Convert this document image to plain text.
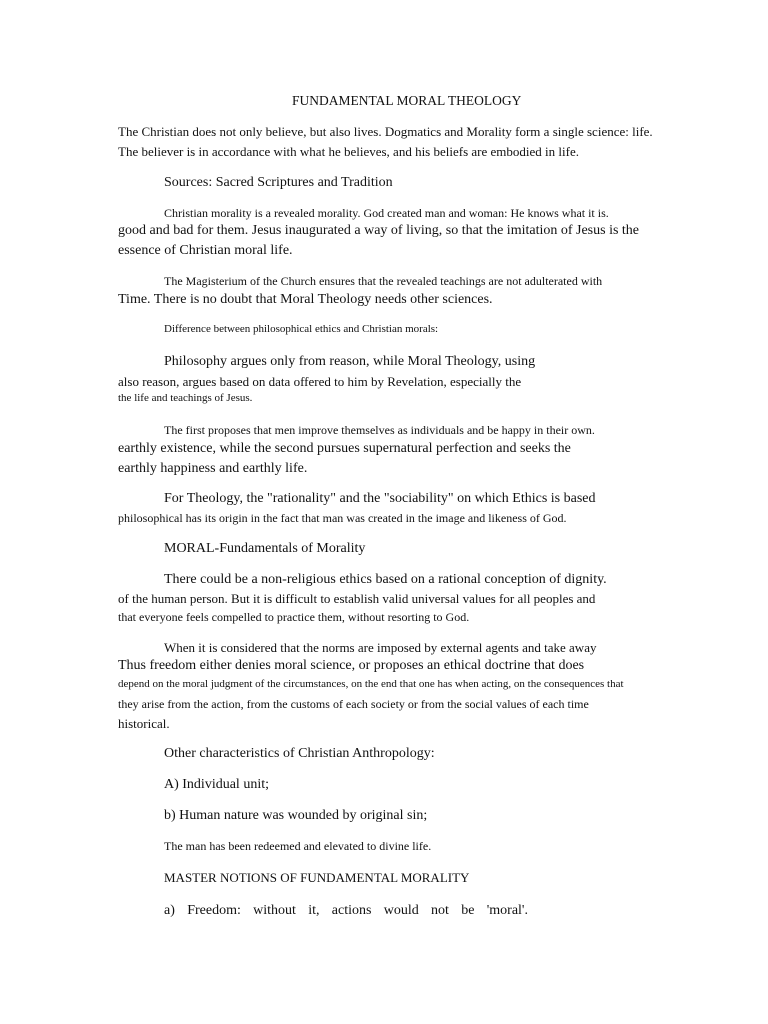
FUNDAMENTAL MORAL THEOLOGY
The Christian does not only believe, but also lives. Dogmatics and Morality form a single science: life.
The believer is in accordance with what he believes, and his beliefs are embodied in life.
Sources: Sacred Scriptures and Tradition
Christian morality is a revealed morality. God created man and woman: He knows what it is.
good and bad for them. Jesus inaugurated a way of living, so that the imitation of Jesus is the
essence of Christian moral life.
The Magisterium of the Church ensures that the revealed teachings are not adulterated with
Time. There is no doubt that Moral Theology needs other sciences.
Difference between philosophical ethics and Christian morals:
Philosophy argues only from reason, while Moral Theology, using
also reason, argues based on data offered to him by Revelation, especially the
the life and teachings of Jesus.
The first proposes that men improve themselves as individuals and be happy in their own.
earthly existence, while the second pursues supernatural perfection and seeks the
earthly happiness and earthly life.
For Theology, the "rationality" and the "sociability" on which Ethics is based
philosophical has its origin in the fact that man was created in the image and likeness of God.
MORAL-Fundamentals of Morality
There could be a non-religious ethics based on a rational conception of dignity.
of the human person. But it is difficult to establish valid universal values for all peoples and
that everyone feels compelled to practice them, without resorting to God.
When it is considered that the norms are imposed by external agents and take away
Thus freedom either denies moral science, or proposes an ethical doctrine that does
depend on the moral judgment of the circumstances, on the end that one has when acting, on the consequences that
they arise from the action, from the customs of each society or from the social values of each time
historical.
Other characteristics of Christian Anthropology:
A) Individual unit;
b) Human nature was wounded by original sin;
The man has been redeemed and elevated to divine life.
MASTER NOTIONS OF FUNDAMENTAL MORALITY
a) Freedom: without it, actions would not be 'moral'.
